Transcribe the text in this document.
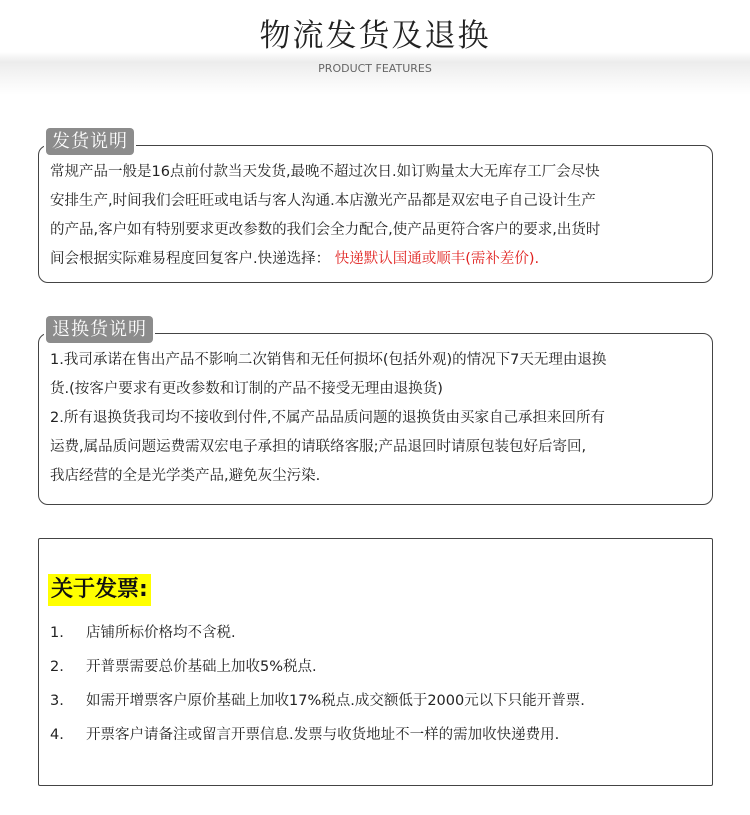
物流发货及退换
PRODUCT FEATURES

常规产品一般是16点前付款当天发货,最晚不超过次日.如订购量太大无库存工厂会尽快

安排生产,时间我们会旺旺或电话与客人沟通.本店激光产品都是双宏电子自己设计生产

的产品,客户如有特别要求更改参数的我们会全力配合,使产品更符合客户的要求,出货时

间会根据实际难易程度回复客户.快递选择： 快递默认国通或顺丰(需补差价).

发货说明

1.我司承诺在售出产品不影响二次销售和无任何损坏(包括外观)的情况下7天无理由退换

货.(按客户要求有更改参数和订制的产品不接受无理由退换货)

2.所有退换货我司均不接收到付件,不属产品品质问题的退换货由买家自己承担来回所有

运费,属品质问题运费需双宏电子承担的请联络客服;产品退回时请原包装包好后寄回,

我店经营的全是光学类产品,避免灰尘污染.

退换货说明
关于发票:
1. 店铺所标价格均不含税.
2. 开普票需要总价基础上加收5%税点.
3. 如需开增票客户原价基础上加收17%税点.成交额低于2000元以下只能开普票.
4. 开票客户请备注或留言开票信息.发票与收货地址不一样的需加收快递费用.
